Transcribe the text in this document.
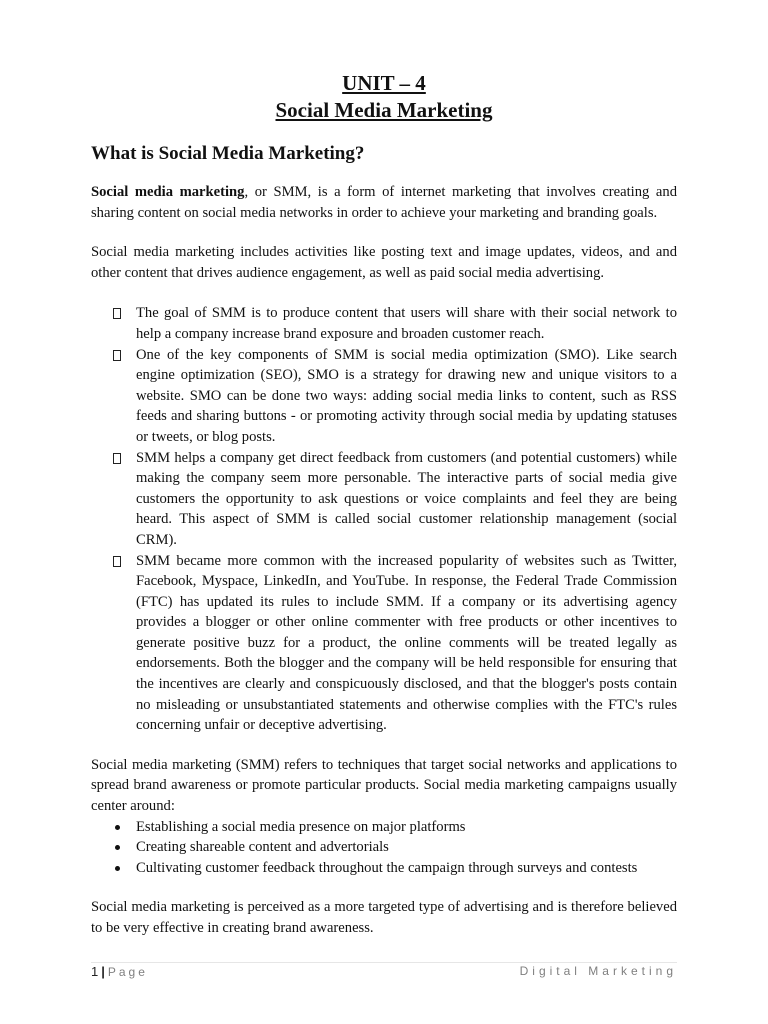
UNIT – 4
Social Media Marketing
What is Social Media Marketing?

Social media marketing, or SMM, is a form of internet marketing that involves creating and sharing content on social media networks in order to achieve your marketing and branding goals.

Social media marketing includes activities like posting text and image updates, videos, and and other content that drives audience engagement, as well as paid social media advertising.

The goal of SMM is to produce content that users will share with their social network to help a company increase brand exposure and broaden customer reach.
One of the key components of SMM is social media optimization (SMO). Like search engine optimization (SEO), SMO is a strategy for drawing new and unique visitors to a website. SMO can be done two ways: adding social media links to content, such as RSS feeds and sharing buttons - or promoting activity through social media by updating statuses or tweets, or blog posts.
SMM helps a company get direct feedback from customers (and potential customers) while making the company seem more personable. The interactive parts of social media give customers the opportunity to ask questions or voice complaints and feel they are being heard. This aspect of SMM is called social customer relationship management (social CRM).
SMM became more common with the increased popularity of websites such as Twitter, Facebook, Myspace, LinkedIn, and YouTube. In response, the Federal Trade Commission (FTC) has updated its rules to include SMM. If a company or its advertising agency provides a blogger or other online commenter with free products or other incentives to generate positive buzz for a product, the online comments will be treated legally as endorsements. Both the blogger and the company will be held responsible for ensuring that the incentives are clearly and conspicuously disclosed, and that the blogger's posts contain no misleading or unsubstantiated statements and otherwise complies with the FTC's rules concerning unfair or deceptive advertising.

Social media marketing (SMM) refers to techniques that target social networks and applications to spread brand awareness or promote particular products. Social media marketing campaigns usually center around:

Establishing a social media presence on major platforms
Creating shareable content and advertorials
Cultivating customer feedback throughout the campaign through surveys and contests

Social media marketing is perceived as a more targeted type of advertising and is therefore believed to be very effective in creating brand awareness.

1 | Page	Digital Marketing
